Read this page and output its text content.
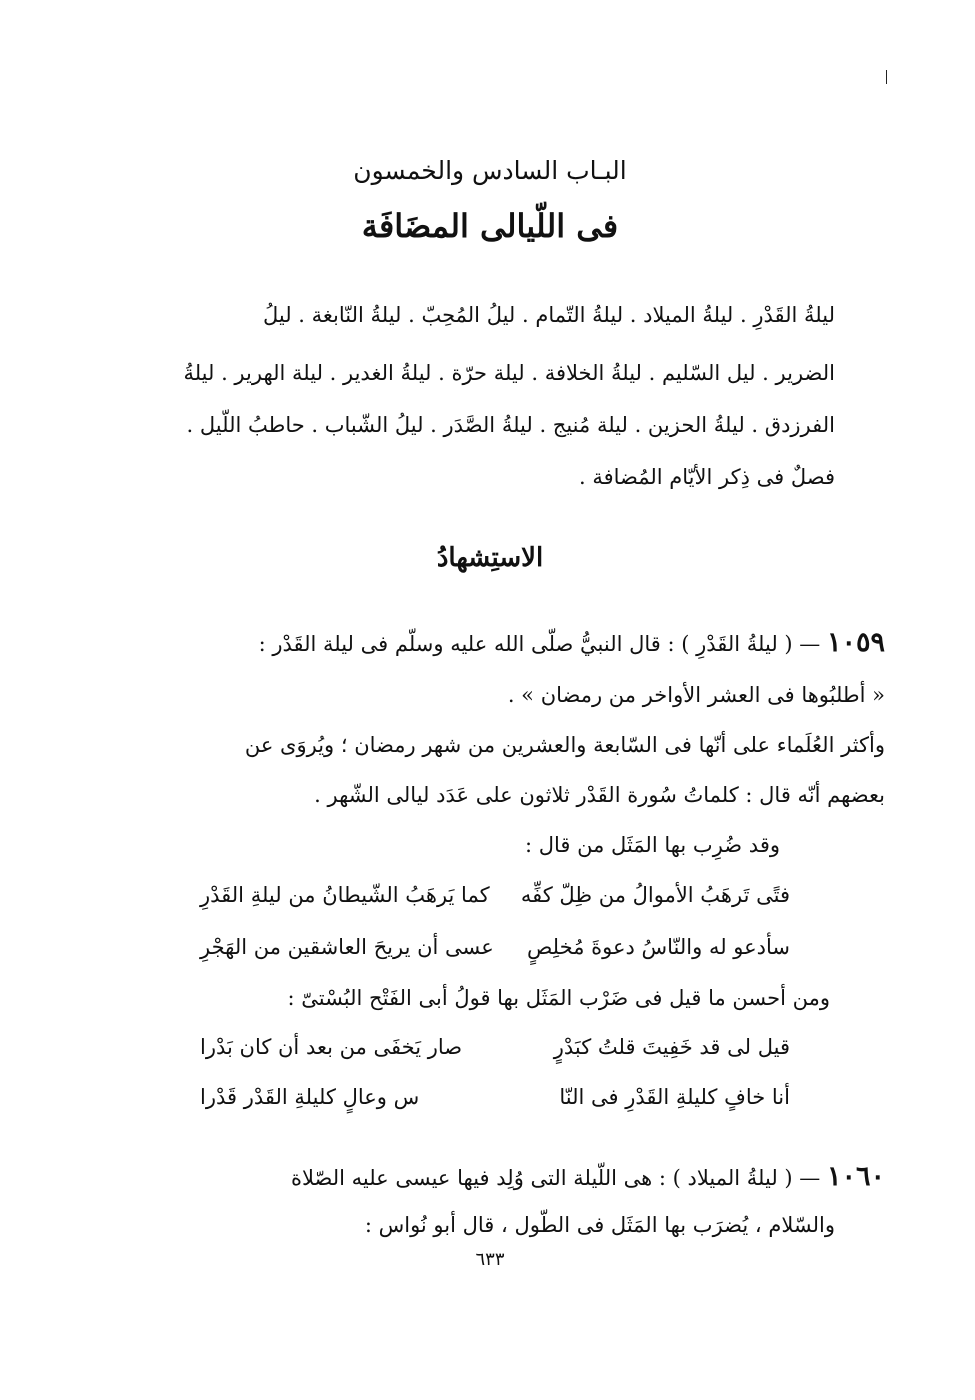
البـاب السادس والخمسون
فى اللّيالى المضَافَة
ليلةُ القَدْرِ . ليلةُ الميلاد . ليلةُ التّمام . ليلُ المُحِبّ . ليلةُ النّابغة . ليلُ
الضرير . ليل السّليم . ليلةُ الخلافة . ليلة حرّة . ليلةُ الغدير . ليلة الهرير . ليلةُ
الفرزدق . ليلةُ الحزين . ليلة مُنيج . ليلةُ الصَّدَر . ليلُ الشّباب . حاطبُ اللّيل .
فصلٌ فى ذِكر الأيّام المُضافة .
الاستِشهادُ
١٠٥٩ — ( ليلةُ القَدْرِ ) : قال النبيُّ صلّى الله عليه وسلّم فى ليلة القَدْر :
« أطلبُوها فى العشر الأواخر من رمضان » .
وأكثر العُلَماء على أنّها فى السّابعة والعشرين من شهر رمضان ؛ ويُروَى عن
بعضهم أنّه قال : كلماتُ سُورة القَدْر ثلاثون على عَدَد ليالى الشّهر .
وقد ضُرِب بها المَثَل من قال :
فتًى تَرهَبُ الأموالُ من ظِلّ كفِّه
كما يَرهَبُ الشّيطانُ من ليلةِ القَدْرِ
سأدعو له والنّاسُ دعوةَ مُخلِصٍ
عسى أن يريحَ العاشقين من الهَجْرِ
ومن أحسن ما قيل فى ضَرْب المَثَل بها قولُ أبى الفَتْح البُسْتىّ :
قيل لى قد خَفِيتَ قلتُ كبَدْرٍ
صار يَخفَى من بعد أن كان بَدْرا
أنا خافٍ كليلةِ القَدْرِ فى النّا
س وعالٍ كليلةِ القَدْر قَدْرا
١٠٦٠ — ( ليلةُ الميلاد ) : هى اللّيلة التى وُلِد فيها عيسى عليه الصّلاة
والسّلام ، يُضرَب بها المَثَل فى الطّول ، قال أبو نُواس :
٦٣٣
